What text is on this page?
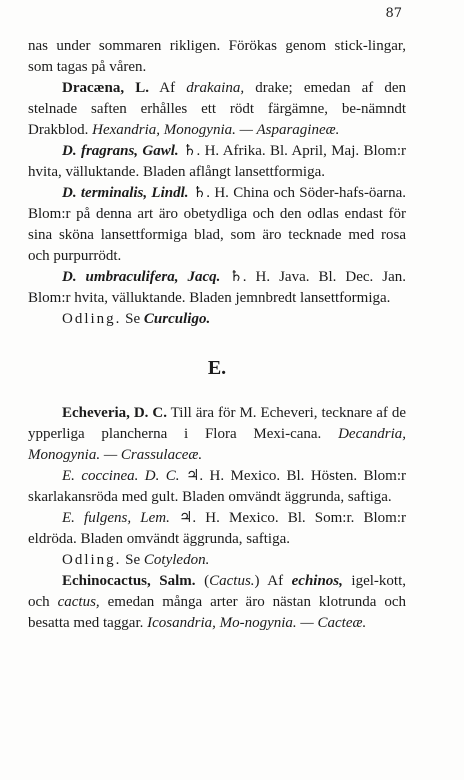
87

nas under sommaren rikligen. Förökas genom stick-lingar, som tagas på våren.

Dracæna, L. Af drakaina, drake; emedan af den stelnade saften erhålles ett rödt färgämne, be-nämndt Drakblod. Hexandria, Monogynia. — Asparagineæ.

D. fragrans, Gawl. ♄. H. Afrika. Bl. April, Maj. Blom:r hvita, välluktande. Bladen aflångt lansettformiga.

D. terminalis, Lindl. ♄. H. China och Söder-hafs-öarna. Blom:r på denna art äro obetydliga och den odlas endast för sina sköna lansettformiga blad, som äro tecknade med rosa och purpurrödt.

D. umbraculifera, Jacq. ♄. H. Java. Bl. Dec. Jan. Blom:r hvita, välluktande. Bladen jemnbredt lansettformiga.

Odling. Se Curculigo.

E.

Echeveria, D. C. Till ära för M. Echeveri, tecknare af de ypperliga plancherna i Flora Mexi-cana. Decandria, Monogynia. — Crassulaceæ.

E. coccinea. D. C. ♃. H. Mexico. Bl. Hösten. Blom:r skarlakansröda med gult. Bladen omvändt äggrunda, saftiga.

E. fulgens, Lem. ♃. H. Mexico. Bl. Som:r. Blom:r eldröda. Bladen omvändt äggrunda, saftiga.

Odling. Se Cotyledon.

Echinocactus, Salm. (Cactus.) Af echinos, igel-kott, och cactus, emedan många arter äro nästan klotrunda och besatta med taggar. Icosandria, Mo-nogynia. — Cacteæ.
